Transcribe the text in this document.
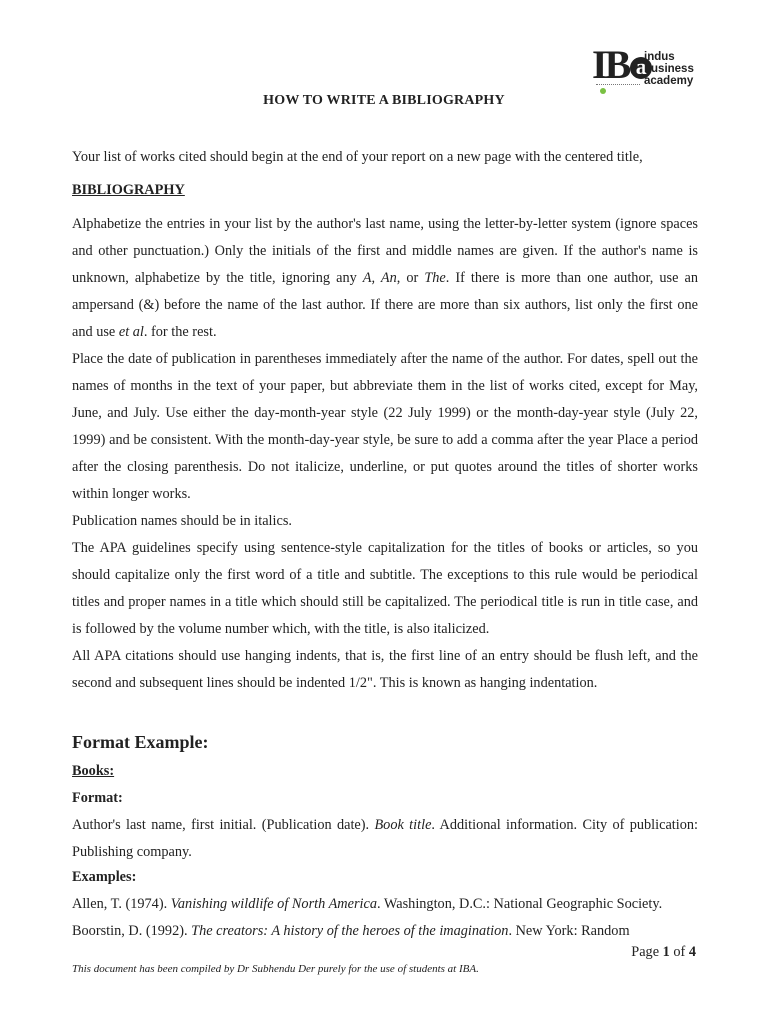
IB a
indus
business
academy
HOW TO WRITE A BIBLIOGRAPHY
Your list of works cited should begin at the end of your report on a new page with the centered title,
BIBLIOGRAPHY
Alphabetize the entries in your list by the author's last name, using the letter-by-letter system (ignore spaces and other punctuation.) Only the initials of the first and middle names are given. If the author's name is unknown, alphabetize by the title, ignoring any A, An, or The. If there is more than one author, use an ampersand (&) before the name of the last author. If there are more than six authors, list only the first one and use et al. for the rest.
Place the date of publication in parentheses immediately after the name of the author. For dates, spell out the names of months in the text of your paper, but abbreviate them in the list of works cited, except for May, June, and July. Use either the day-month-year style (22 July 1999) or the month-day-year style (July 22, 1999) and be consistent. With the month-day-year style, be sure to add a comma after the year Place a period after the closing parenthesis. Do not italicize, underline, or put quotes around the titles of shorter works within longer works.
Publication names should be in italics.
The APA guidelines specify using sentence-style capitalization for the titles of books or articles, so you should capitalize only the first word of a title and subtitle. The exceptions to this rule would be periodical titles and proper names in a title which should still be capitalized. The periodical title is run in title case, and is followed by the volume number which, with the title, is also italicized.
All APA citations should use hanging indents, that is, the first line of an entry should be flush left, and the second and subsequent lines should be indented 1/2". This is known as hanging indentation.
Format Example:
Books:
Format:
Author's last name, first initial. (Publication date). Book title. Additional information. City of publication: Publishing company.
Examples:
Allen, T. (1974). Vanishing wildlife of North America. Washington, D.C.: National Geographic Society.
Boorstin, D. (1992). The creators: A history of the heroes of the imagination. New York: Random
Page 1 of 4
This document has been compiled by Dr Subhendu Der purely for the use of students at IBA.
